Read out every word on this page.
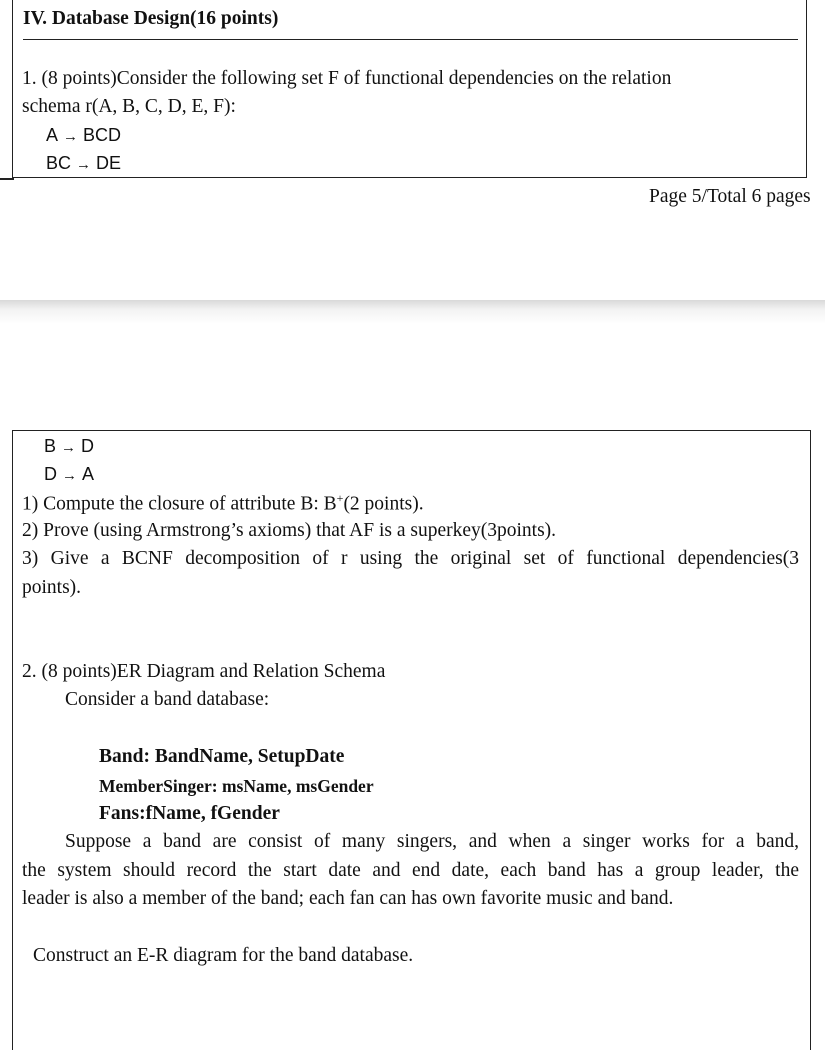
IV. Database Design(16 points)
1. (8 points)Consider the following set F of functional dependencies on the relation
schema r(A, B, C, D, E, F):
A → BCD
BC → DE
Page 5/Total 6 pages
B → D
D → A
1) Compute the closure of attribute B: B+(2 points).
2) Prove (using Armstrong’s axioms) that AF is a superkey(3points).
3) Give a BCNF decomposition of r using the original set of functional dependencies(3
points).
2. (8 points)ER Diagram and Relation Schema
Consider a band database:
Band: BandName, SetupDate
MemberSinger: msName, msGender
Fans:fName, fGender
Suppose a band are consist of many singers, and when a singer works for a band,
the system should record the start date and end date, each band has a group leader, the
leader is also a member of the band; each fan can has own favorite music and band.
Construct an E-R diagram for the band database.
